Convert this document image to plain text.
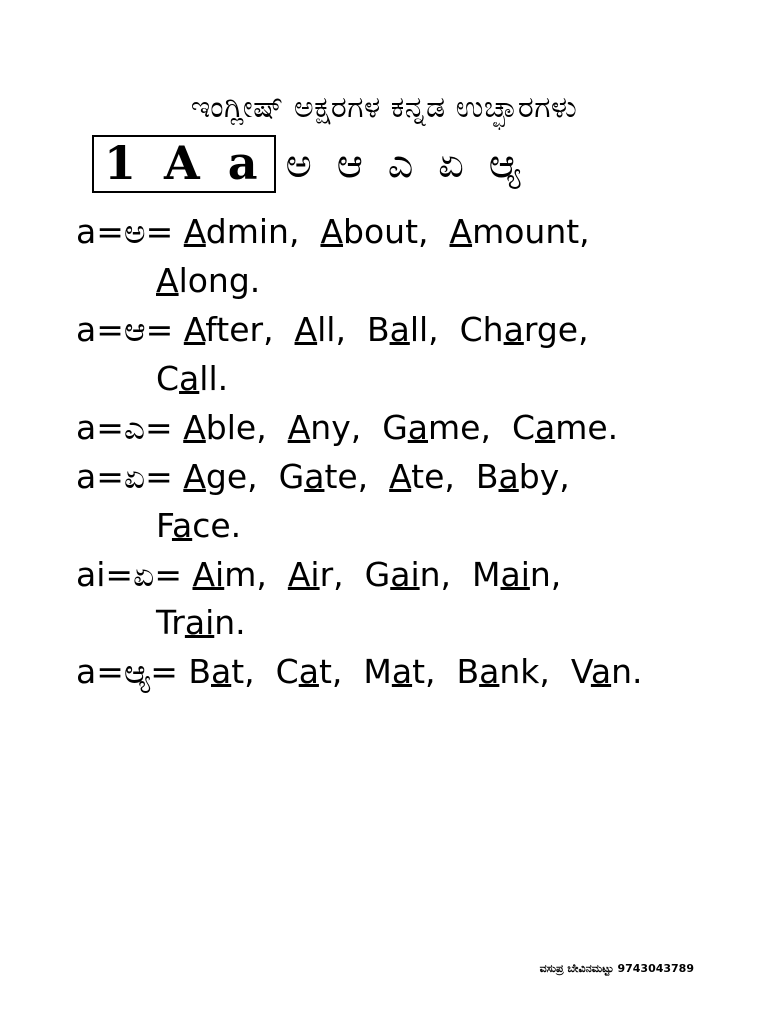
ಇಂಗ್ಲೀಷ್ ಅಕ್ಷರಗಳ ಕನ್ನಡ ಉಚ್ಛಾರಗಳು
1 A a ಅ ಆ ಎ ಏ ಆ್ಯ
a=ಅ= Admin, About, Amount,
Along.
a=ಆ= After, All, Ball, Charge,
Call.
a=ಎ= Able, Any, Game, Came.
a=ಏ= Age, Gate, Ate, Baby,
Face.
ai=ಏ= Aim, Air, Gain, Main,
Train.
a=ಆ್ಯ= Bat, Cat, Mat, Bank, Van.
ವಸುಪ್ರ ಬೇವಿನಮಟ್ಟು 9743043789
